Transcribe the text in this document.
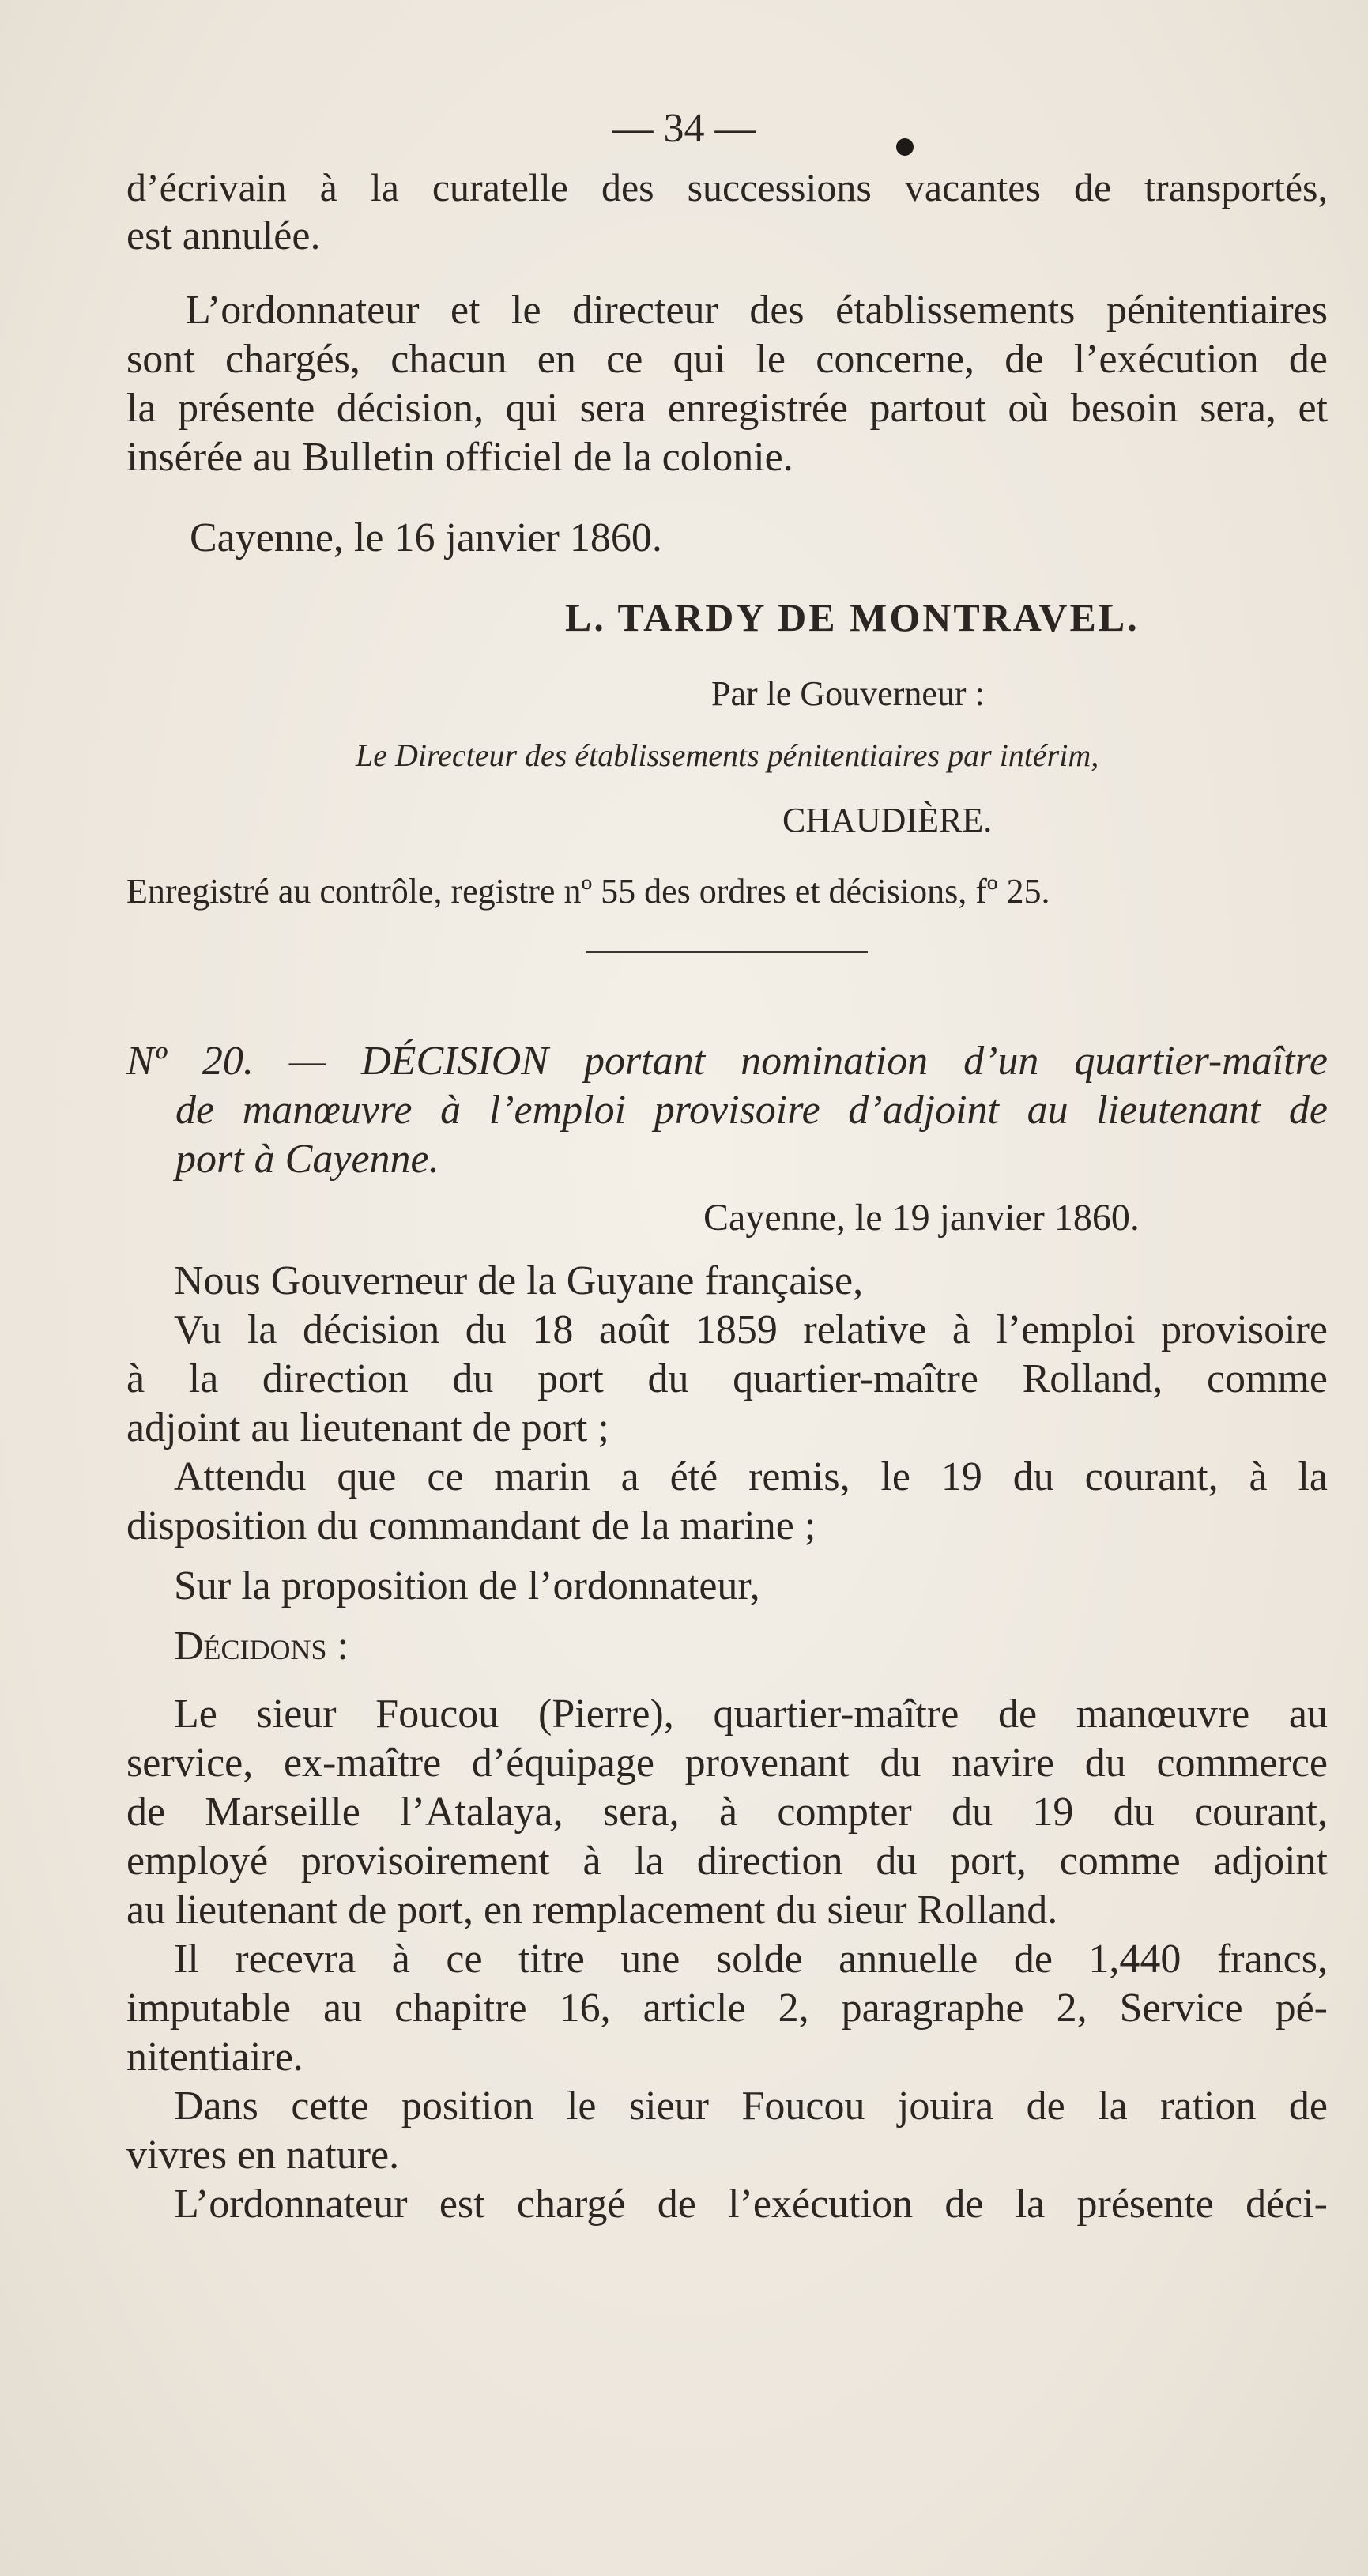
— 34 —
d’écrivain à la curatelle des successions vacantes de transportés,
est annulée.
L’ordonnateur et le directeur des établissements pénitentiaires
sont chargés, chacun en ce qui le concerne, de l’exécution de
la présente décision, qui sera enregistrée partout où besoin sera, et
insérée au Bulletin officiel de la colonie.
Cayenne, le 16 janvier 1860.
L. TARDY DE MONTRAVEL.
Par le Gouverneur :
Le Directeur des établissements pénitentiaires par intérim,
CHAUDIÈRE.
Enregistré au contrôle, registre nº 55 des ordres et décisions, fº 25.
Nº 20. — DÉCISION portant nomination d’un quartier-maître
de manœuvre à l’emploi provisoire d’adjoint au lieutenant de
port à Cayenne.
Cayenne, le 19 janvier 1860.
Nous Gouverneur de la Guyane française,
Vu la décision du 18 août 1859 relative à l’emploi provisoire
à la direction du port du quartier-maître Rolland, comme
adjoint au lieutenant de port ;
Attendu que ce marin a été remis, le 19 du courant, à la
disposition du commandant de la marine ;
Sur la proposition de l’ordonnateur,
Décidons :
Le sieur Foucou (Pierre), quartier-maître de manœuvre au
service, ex-maître d’équipage provenant du navire du commerce
de Marseille l’Atalaya, sera, à compter du 19 du courant,
employé provisoirement à la direction du port, comme adjoint
au lieutenant de port, en remplacement du sieur Rolland.
Il recevra à ce titre une solde annuelle de 1,440 francs,
imputable au chapitre 16, article 2, paragraphe 2, Service pé-
nitentiaire.
Dans cette position le sieur Foucou jouira de la ration de
vivres en nature.
L’ordonnateur est chargé de l’exécution de la présente déci-
